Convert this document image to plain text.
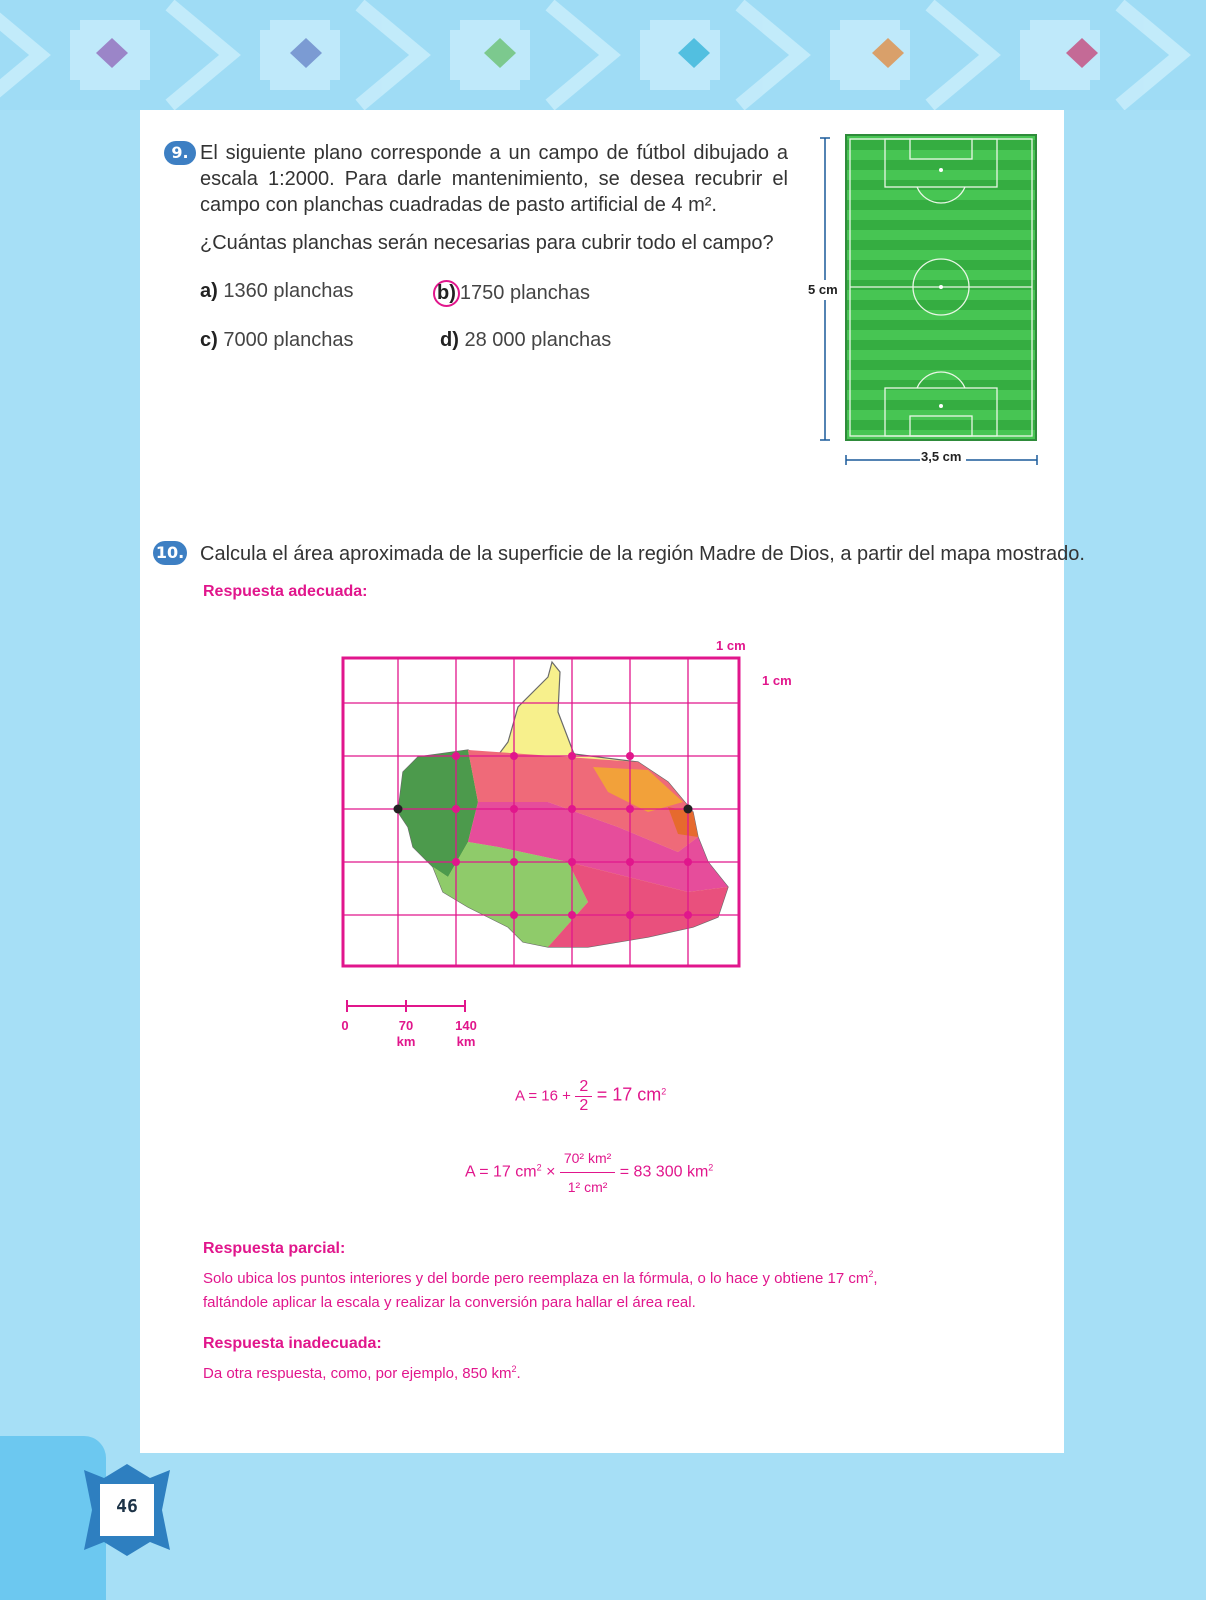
9. El siguiente plano corresponde a un campo de fútbol dibujado a escala 1:2000. Para darle mantenimiento, se desea recubrir el campo con planchas cuadradas de pasto artificial de 4 m².
¿Cuántas planchas serán necesarias para cubrir todo el campo?
a) 1360 planchas	b) 1750 planchas
c) 7000 planchas	d) 28 000 planchas
5 cm
3,5 cm
10. Calcula el área aproximada de la superficie de la región Madre de Dios, a partir del mapa mostrado.
Respuesta adecuada:
1 cm
1 cm
0	70
km
140
km
$A = 16 + \frac{2}{2} = 17$ $cm^2$
A = 17 $cm^2 \times \frac{\text{70² km²}}{\text{1² cm²}} = 83$ 300 $km^2$
Respuesta parcial:
Solo ubica los puntos interiores y del borde pero reemplaza en la fórmula, o lo hace y obtiene 17 $cm^2$,
faltándole aplicar la escala y realizar la conversión para hallar el área real.
Respuesta inadecuada:
Da otra respuesta, como, por ejemplo, 850 $km^2$.
46
